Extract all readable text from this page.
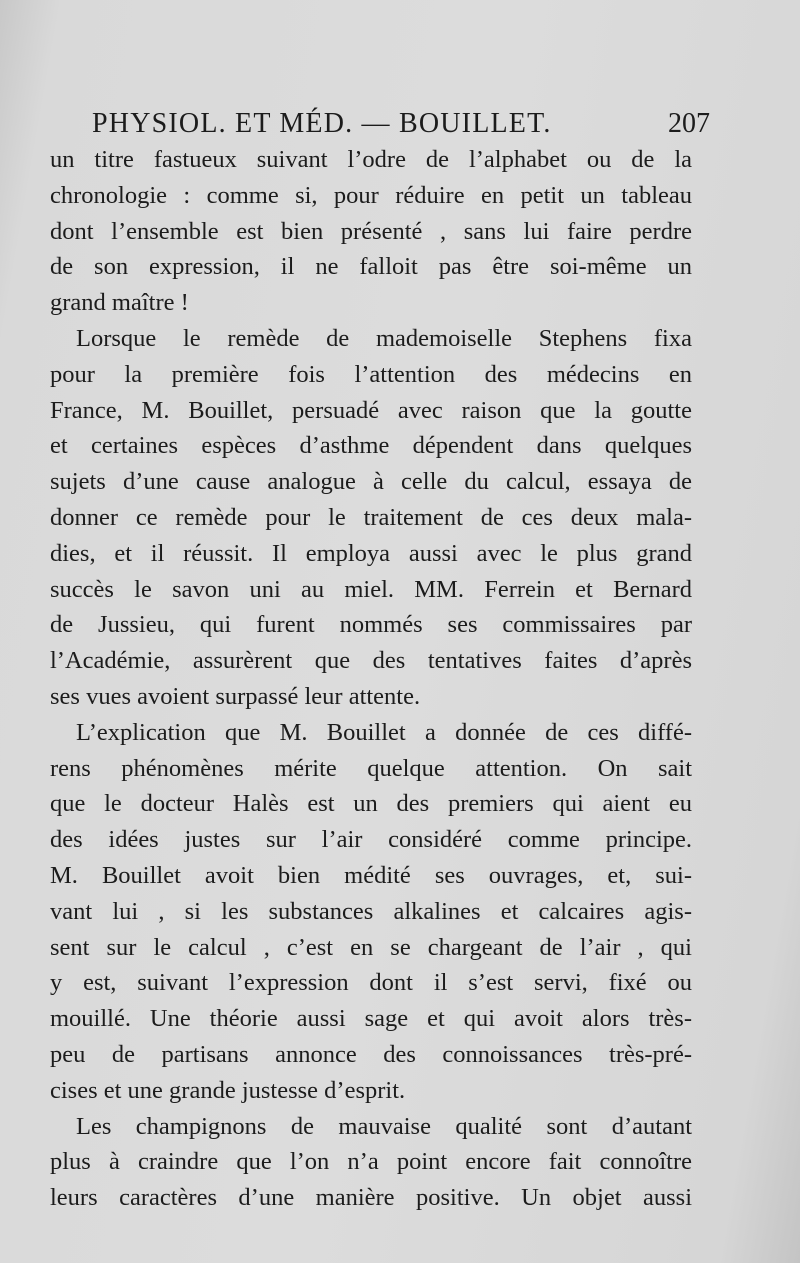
PHYSIOL. ET MÉD. — BOUILLET.	207
un titre fastueux suivant l’odre de l’alphabet ou de la
chronologie : comme si, pour réduire en petit un tableau
dont l’ensemble est bien présenté , sans lui faire perdre
de son expression, il ne falloit pas être soi-même un
grand maître !
Lorsque le remède de mademoiselle Stephens fixa
pour la première fois l’attention des médecins en
France, M. Bouillet, persuadé avec raison que la goutte
et certaines espèces d’asthme dépendent dans quelques
sujets d’une cause analogue à celle du calcul, essaya de
donner ce remède pour le traitement de ces deux mala-
dies, et il réussit. Il employa aussi avec le plus grand
succès le savon uni au miel. MM. Ferrein et Bernard
de Jussieu, qui furent nommés ses commissaires par
l’Académie, assurèrent que des tentatives faites d’après
ses vues avoient surpassé leur attente.
L’explication que M. Bouillet a donnée de ces diffé-
rens phénomènes mérite quelque attention. On sait
que le docteur Halès est un des premiers qui aient eu
des idées justes sur l’air considéré comme principe.
M. Bouillet avoit bien médité ses ouvrages, et, sui-
vant lui , si les substances alkalines et calcaires agis-
sent sur le calcul , c’est en se chargeant de l’air , qui
y est, suivant l’expression dont il s’est servi, fixé ou
mouillé. Une théorie aussi sage et qui avoit alors très-
peu de partisans annonce des connoissances très-pré-
cises et une grande justesse d’esprit.
Les champignons de mauvaise qualité sont d’autant
plus à craindre que l’on n’a point encore fait connoître
leurs caractères d’une manière positive. Un objet aussi
